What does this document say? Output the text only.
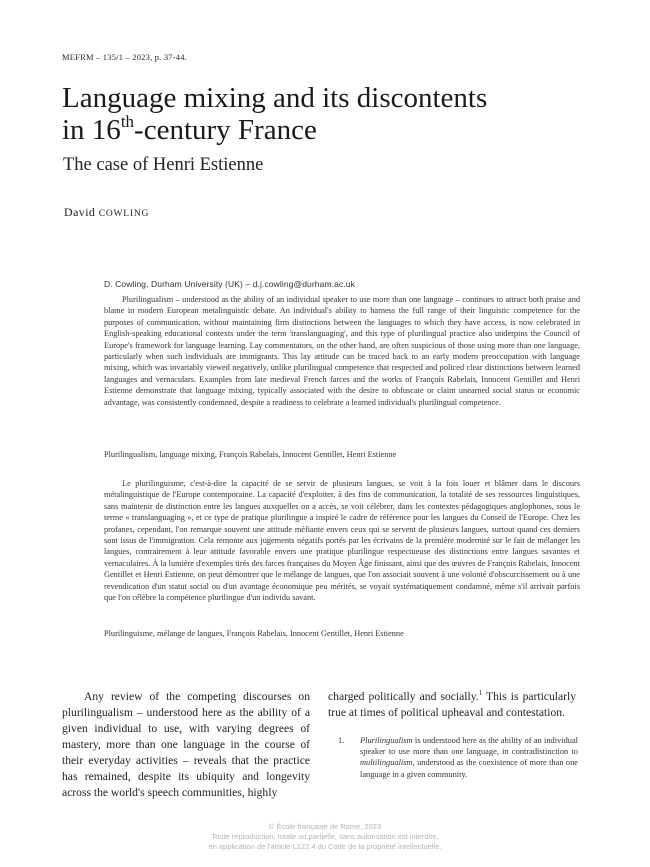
MEFRM – 135/1 – 2023, p. 37-44.
Language mixing and its discontents
in 16th-century France
The case of Henri Estienne
David COWLING
D. Cowling, Durham University (UK) – d.j.cowling@durham.ac.uk

Plurilingualism – understood as the ability of an individual speaker to use more than one language – continues to attract both praise and blame in modern European metalinguistic debate. An individual's ability to harness the full range of their linguistic competence for the purposes of communication, without maintaining firm distinctions between the languages to which they have access, is now celebrated in English-speaking educational contexts under the term 'translanguaging', and this type of plurilingual practice also underpins the Council of Europe's framework for language learning. Lay commentators, on the other hand, are often suspicious of those using more than one language, particularly when such individuals are immigrants. This lay attitude can be traced back to an early modern preoccupation with language mixing, which was invariably viewed negatively, unlike plurilingual competence that respected and policed clear distinctions between learned languages and vernaculars. Examples from late medieval French farces and the works of François Rabelais, Innocent Gentillet and Henri Estienne demonstrate that language mixing, typically associated with the desire to obfuscate or claim unearned social status or economic advantage, was consistently condemned, despite a readiness to celebrate a learned individual's plurilingual competence.

Plurilingualism, language mixing, François Rabelais, Innocent Gentillet, Henri Estienne

Le plurilinguisme, c'est-à-dire la capacité de se servir de plusieurs langues, se voit à la fois louer et blâmer dans le discours métalinguistique de l'Europe contemporaine. La capacité d'exploiter, à des fins de communication, la totalité de ses ressources linguistiques, sans maintenir de distinction entre les langues auxquelles on a accès, se voit célébrer, dans les contextes pédagogiques anglophones, sous le terme « translanguaging », et ce type de pratique plurilingue a inspiré le cadre de référence pour les langues du Conseil de l'Europe. Chez les profanes, cependant, l'on remarque souvent une attitude méfiante envers ceux qui se servent de plusieurs langues, surtout quand ces derniers sont issus de l'immigration. Cela remonte aux jugements négatifs portés par les écrivains de la première modernité sur le fait de mélanger les langues, contrairement à leur attitude favorable envers une pratique plurilingue respectueuse des distinctions entre langues savantes et vernaculaires. À la lumière d'exemples tirés des farces françaises du Moyen Âge finissant, ainsi que des œuvres de François Rabelais, Innocent Gentillet et Henri Estienne, on peut démontrer que le mélange de langues, que l'on associait souvent à une volonté d'obscurcissement ou à une revendication d'un statut social ou d'un avantage économique peu mérités, se voyait systématiquement condamné, même s'il arrivait parfois que l'on célèbre la compétence plurilingue d'un individu savant.

Plurilinguisme, mélange de langues, François Rabelais, Innocent Gentillet, Henri Estienne

Any review of the competing discourses on plurilingualism – understood here as the ability of a given individual to use, with varying degrees of mastery, more than one language in the course of their everyday activities – reveals that the practice has remained, despite its ubiquity and longevity across the world's speech communities, highly

charged politically and socially.$^1$ This is particularly true at times of political upheaval and contestation.

1. Plurilingualism is understood here as the ability of an individual speaker to use more than one language, in contradistinction to multilingualism, understood as the coexistence of more than one language in a given community.

© École française de Rome, 2023
Toute reproduction, totale ou partielle, sans autorisation est interdite,
en application de l'article L122.4 du Code de la propriété intellectuelle.
